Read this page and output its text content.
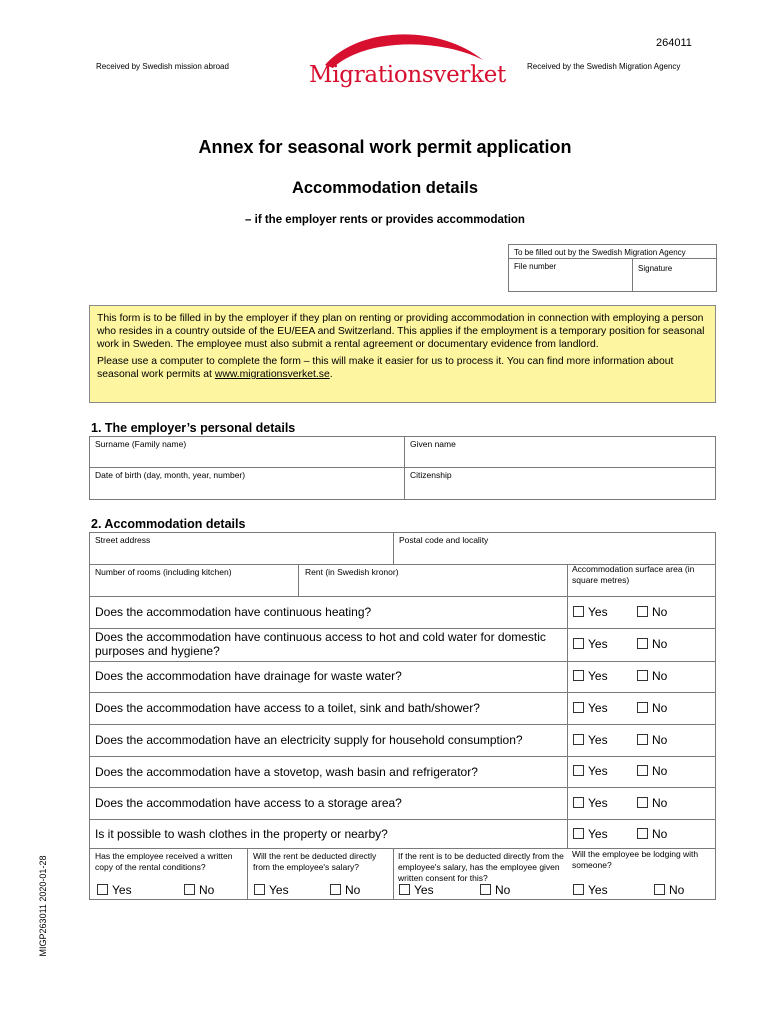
264011
Received by Swedish mission abroad	Received by the Swedish Migration Agency
Migrationsverket
Annex for seasonal work permit application
Accommodation details
– if the employer rents or provides accommodation
To be filled out by the Swedish Migration Agency
File number	Signature

This form is to be filled in by the employer if they plan on renting or providing accommodation in connection with employing a person who resides in a country outside of the EU/EEA and Switzerland. This applies if the employment is a temporary position for seasonal work in Sweden. The employee must also submit a rental agreement or documentary evidence from landlord.

Please use a computer to complete the form – this will make it easier for us to process it. You can find more information about seasonal work permits at www.migrationsverket.se.

1. The employer’s personal details
Surname (Family name)	Given name
Date of birth (day, month, year, number)	Citizenship
2. Accommodation details
Street address	Postal code and locality
Number of rooms (including kitchen)	Rent (in Swedish kronor)	Accommodation surface area (in square metres)
Does the accommodation have continuous heating?	Yes	No
Does the accommodation have continuous access to hot and cold water for domestic purposes and hygiene?	Yes	No
Does the accommodation have drainage for waste water?	Yes	No
Does the accommodation have access to a toilet, sink and bath/shower?	Yes	No
Does the accommodation have an electricity supply for household consumption?	Yes	No
Does the accommodation have a stovetop, wash basin and refrigerator?	Yes	No
Does the accommodation have access to a storage area?	Yes	No
Is it possible to wash clothes in the property or nearby?	Yes	No
Has the employee received a written copy of the rental conditions?
Yes	No
Will the rent be deducted directly from the employee's salary?
Yes	No
If the rent is to be deducted directly from the employee's salary, has the employee given written consent for this?
Yes	No
Will the employee be lodging with someone?
Yes	No
MIGP263011 2020-01-28
